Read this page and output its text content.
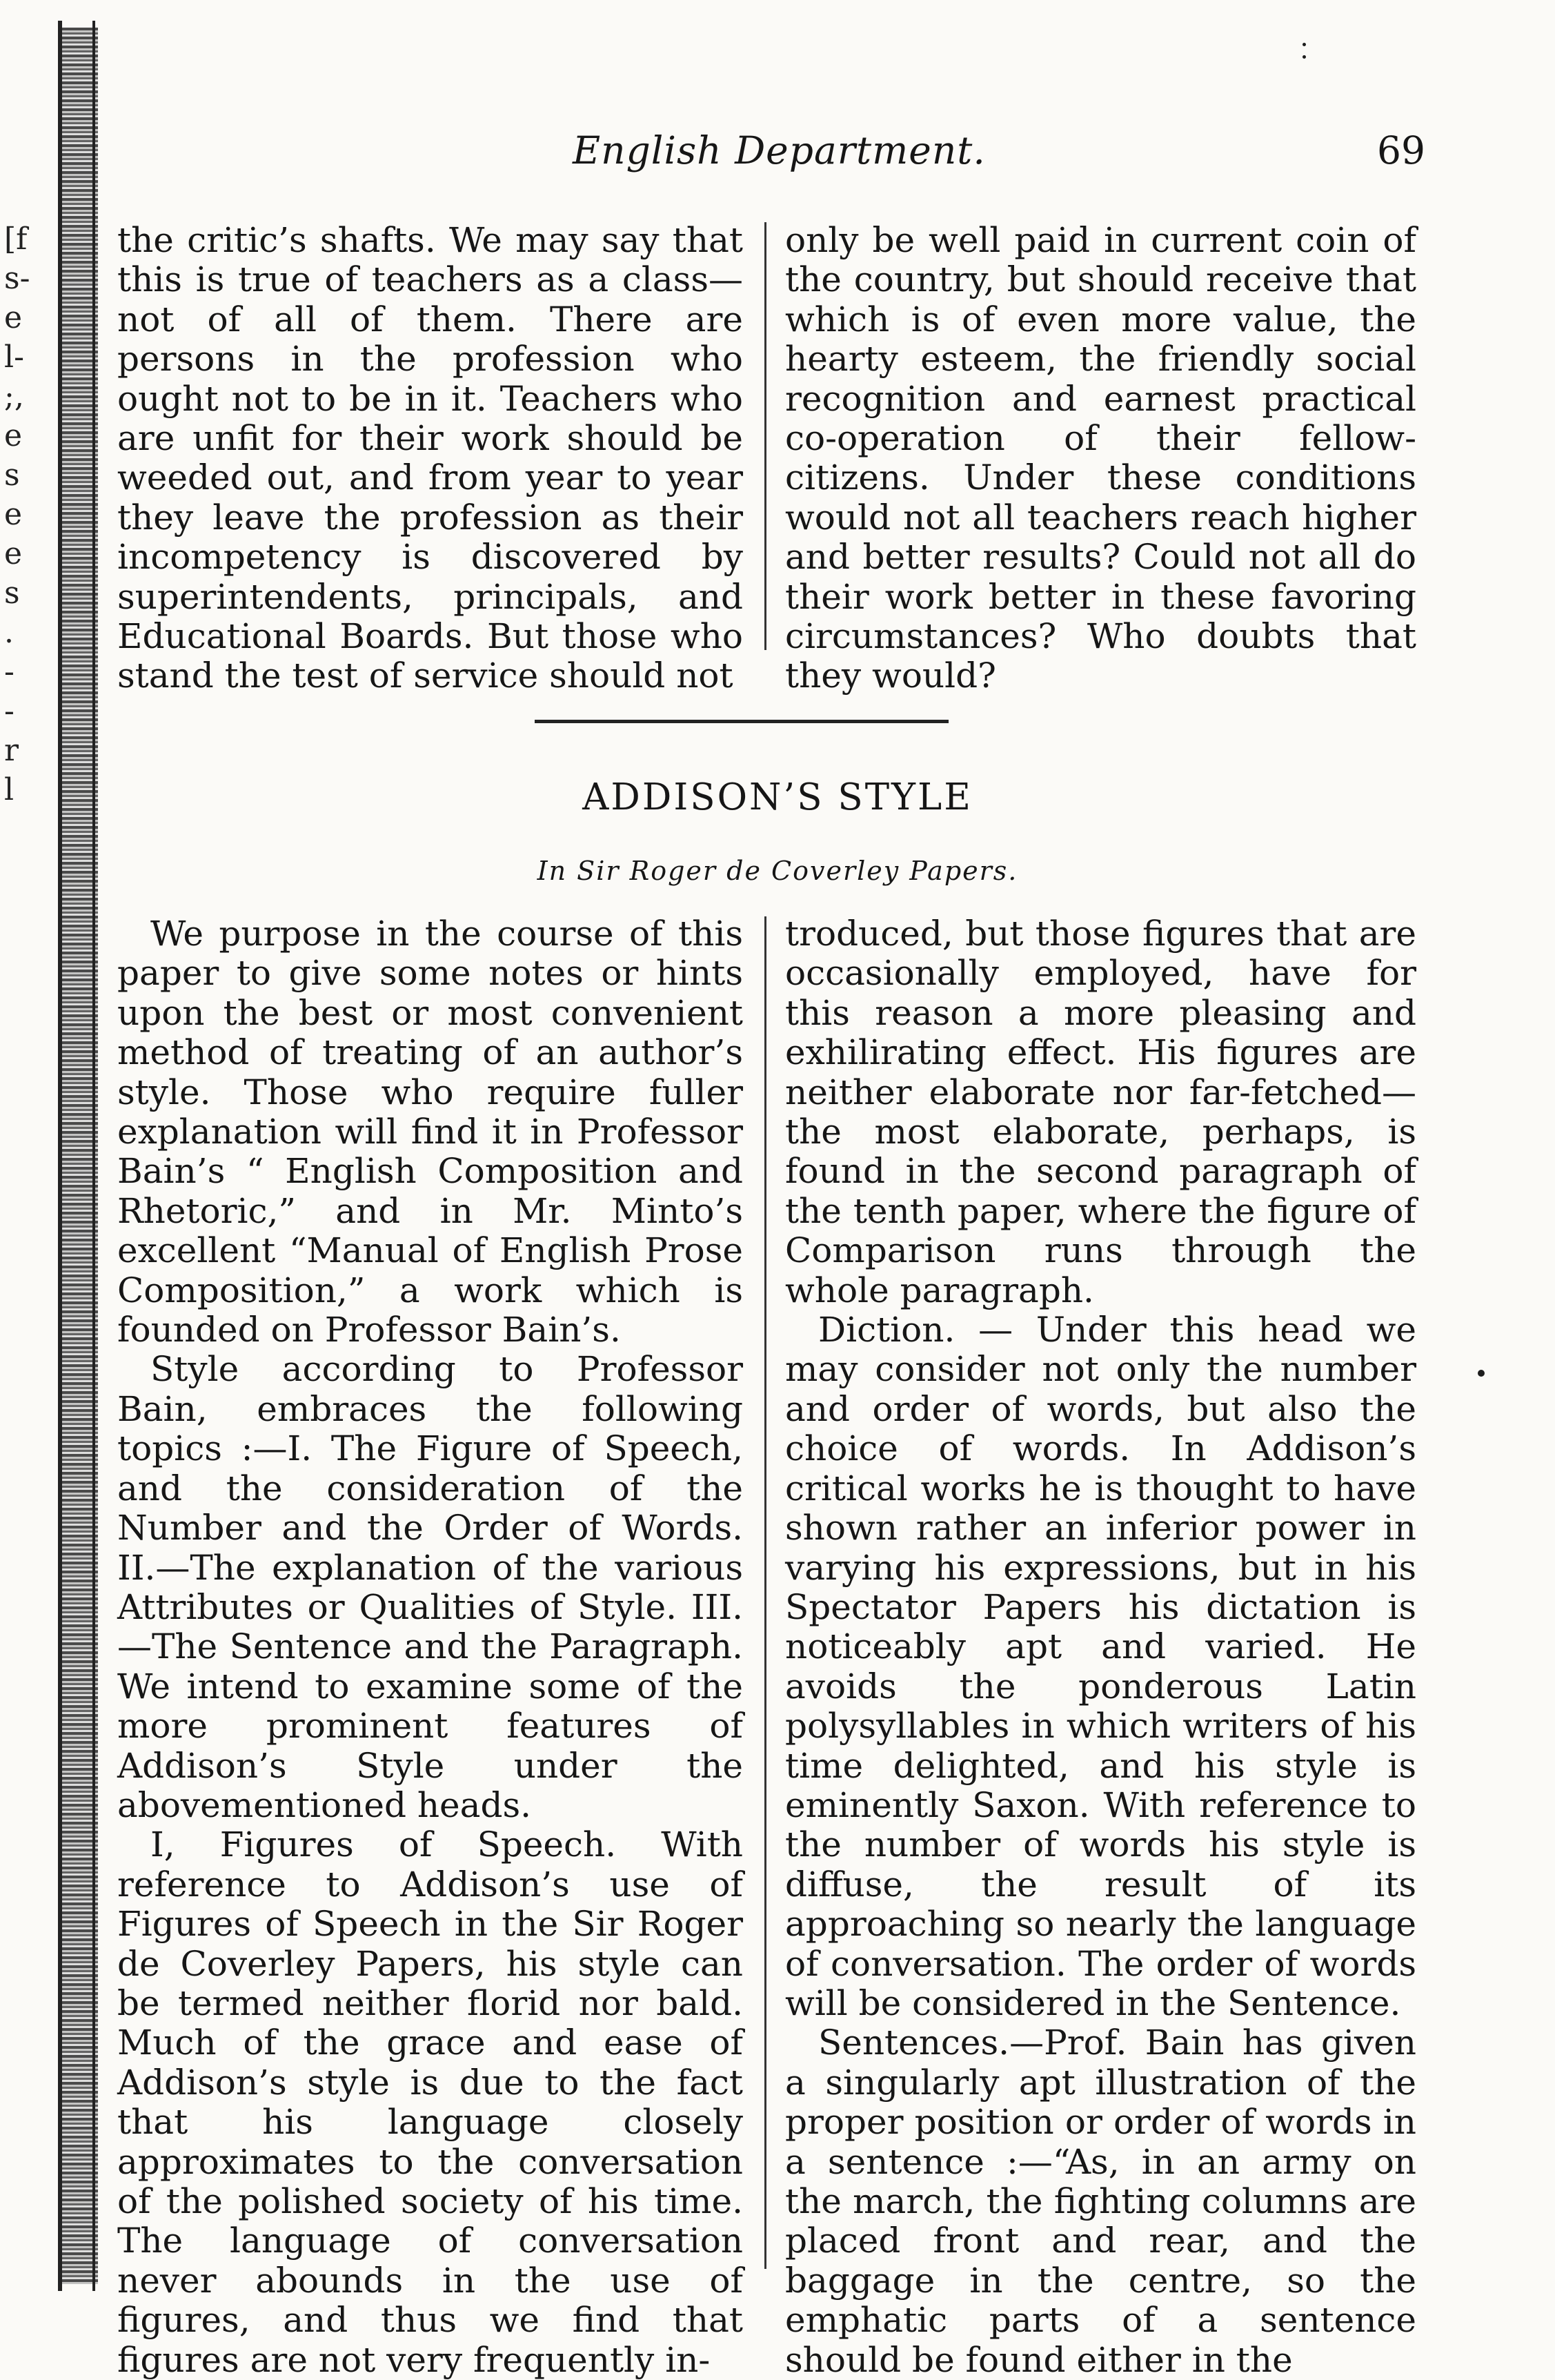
[f
s-
e
l-
;,
e
s
e
e
s
.
-
-
r
l
English Department.	69

the critic’s shafts. We may say that this is true of teachers as a class—not of all of them. There are persons in the profession who ought not to be in it. Teachers who are unfit for their work should be weeded out, and from year to year they leave the profession as their incompetency is discovered by superintendents, principals, and Educational Boards. But those who stand the test of service should not

only be well paid in current coin of the country, but should receive that which is of even more value, the hearty esteem, the friendly social recognition and earnest practical co-operation of their fellow-citizens. Under these conditions would not all teachers reach higher and better results? Could not all do their work better in these favoring circumstances? Who doubts that they would?

ADDISON’S STYLE
In Sir Roger de Coverley Papers.

We purpose in the course of this paper to give some notes or hints upon the best or most convenient method of treating of an author’s style. Those who require fuller explanation will find it in Professor Bain’s “ English Composition and Rhetoric,” and in Mr. Minto’s excellent “Manual of English Prose Composition,” a work which is founded on Professor Bain’s.

Style according to Professor Bain, embraces the following topics :—I. The Figure of Speech, and the consideration of the Number and the Order of Words. II.—The explanation of the various Attributes or Qualities of Style. III.—The Sentence and the Paragraph. We intend to examine some of the more prominent features of Addison’s Style under the abovementioned heads.

I, Figures of Speech. With reference to Addison’s use of Figures of Speech in the Sir Roger de Coverley Papers, his style can be termed neither florid nor bald. Much of the grace and ease of Addison’s style is due to the fact that his language closely approximates to the conversation of the polished society of his time. The language of conversation never abounds in the use of figures, and thus we find that figures are not very frequently in-

troduced, but those figures that are occasionally employed, have for this reason a more pleasing and exhilirating effect. His figures are neither elaborate nor far-fetched—the most elaborate, perhaps, is found in the second paragraph of the tenth paper, where the figure of Comparison runs through the whole paragraph.

Diction. — Under this head we may consider not only the number and order of words, but also the choice of words. In Addison’s critical works he is thought to have shown rather an inferior power in varying his expressions, but in his Spectator Papers his dictation is noticeably apt and varied. He avoids the ponderous Latin polysyllables in which writers of his time delighted, and his style is eminently Saxon. With reference to the number of words his style is diffuse, the result of its approaching so nearly the language of conversation. The order of words will be considered in the Sentence.

Sentences.—Prof. Bain has given a singularly apt illustration of the proper position or order of words in a sentence :—“As, in an army on the march, the fighting columns are placed front and rear, and the baggage in the centre, so the emphatic parts of a sentence should be found either in the
